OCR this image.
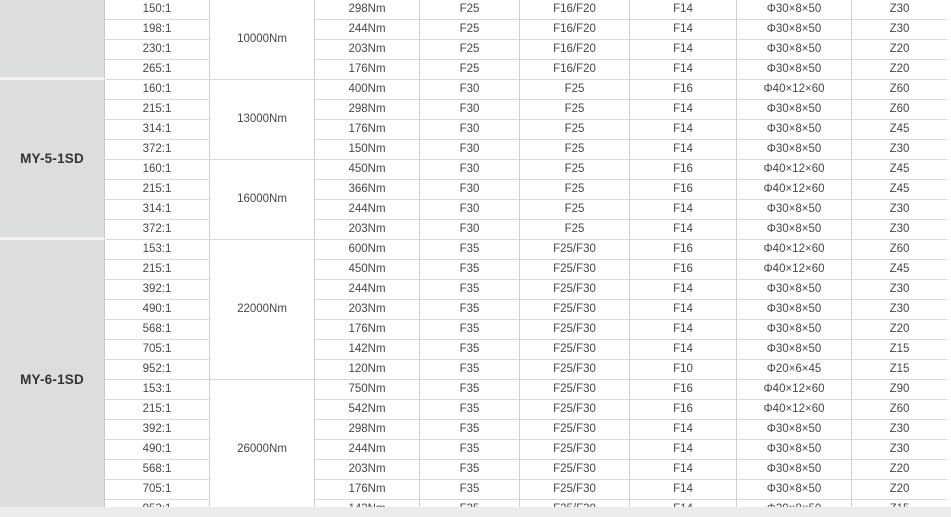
	150:1	10000Nm	298Nm	F25	F16/F20	F14	Φ30×8×50	Z30
	198:1		244Nm	F25	F16/F20	F14	Φ30×8×50	Z30
	230:1		203Nm	F25	F16/F20	F14	Φ30×8×50	Z20
	265:1		176Nm	F25	F16/F20	F14	Φ30×8×50	Z20
MY-5-1SD	160:1	13000Nm	400Nm	F30	F25	F16	Φ40×12×60	Z60
	215:1		298Nm	F30	F25	F14	Φ30×8×50	Z60
	314:1		176Nm	F30	F25	F14	Φ30×8×50	Z45
	372:1		150Nm	F30	F25	F14	Φ30×8×50	Z30
	160:1	16000Nm	450Nm	F30	F25	F16	Φ40×12×60	Z45
	215:1		366Nm	F30	F25	F16	Φ40×12×60	Z45
	314:1		244Nm	F30	F25	F14	Φ30×8×50	Z30
	372:1		203Nm	F30	F25	F14	Φ30×8×50	Z30
MY-6-1SD	153:1	22000Nm	600Nm	F35	F25/F30	F16	Φ40×12×60	Z60
	215:1		450Nm	F35	F25/F30	F16	Φ40×12×60	Z45
	392:1		244Nm	F35	F25/F30	F14	Φ30×8×50	Z30
	490:1		203Nm	F35	F25/F30	F14	Φ30×8×50	Z30
	568:1		176Nm	F35	F25/F30	F14	Φ30×8×50	Z20
	705:1		142Nm	F35	F25/F30	F14	Φ30×8×50	Z15
	952:1		120Nm	F35	F25/F30	F10	Φ20×6×45	Z15
	153:1	26000Nm	750Nm	F35	F25/F30	F16	Φ40×12×60	Z90
	215:1		542Nm	F35	F25/F30	F16	Φ40×12×60	Z60
	392:1		298Nm	F35	F25/F30	F14	Φ30×8×50	Z30
	490:1		244Nm	F35	F25/F30	F14	Φ30×8×50	Z30
	568:1		203Nm	F35	F25/F30	F14	Φ30×8×50	Z20
	705:1		176Nm	F35	F25/F30	F14	Φ30×8×50	Z20
